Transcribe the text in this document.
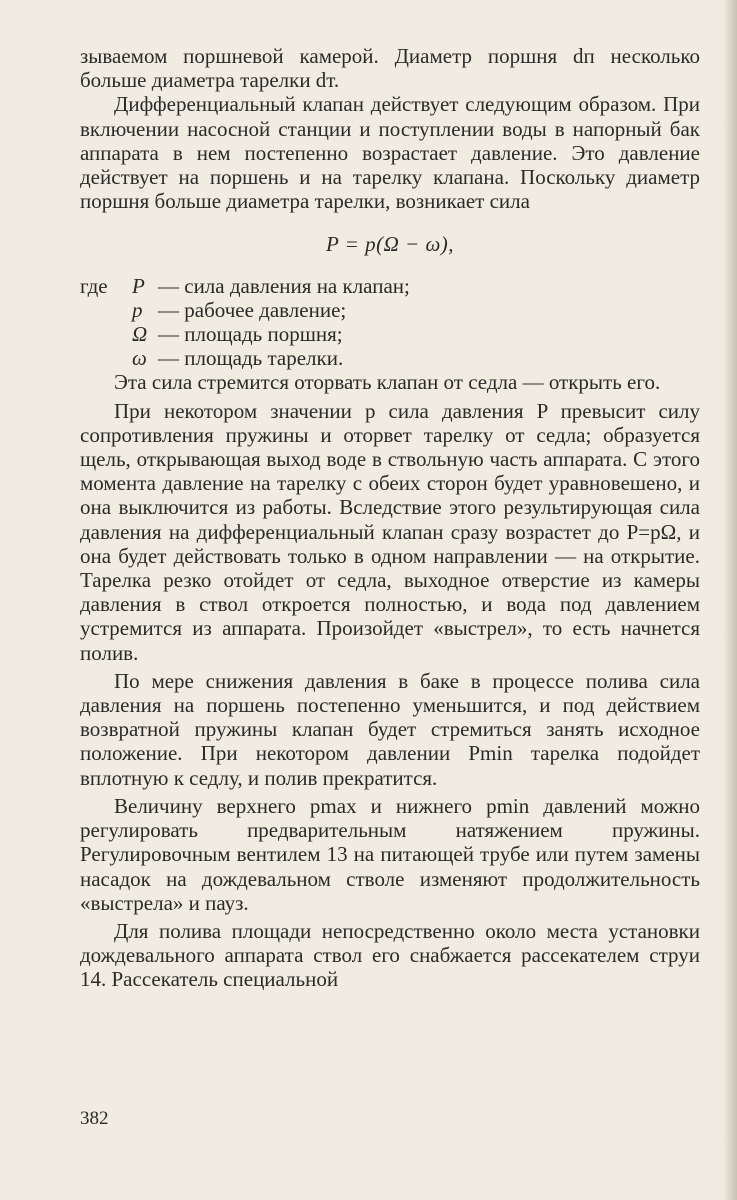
зываемом поршневой камерой. Диаметр поршня dп несколько больше диаметра тарелки dт.

Дифференциальный клапан действует следующим образом. При включении насосной станции и поступлении воды в напорный бак аппарата в нем постепенно возрастает давление. Это давление действует на поршень и на тарелку клапана. Поскольку диаметр поршня больше диаметра тарелки, возникает сила

P = p(Ω − ω),
где	P — сила давления на клапан;
p — рабочее давление;
Ω — площадь поршня;
ω — площадь тарелки.

Эта сила стремится оторвать клапан от седла — открыть его.

При некотором значении p сила давления P превысит силу сопротивления пружины и оторвет тарелку от седла; образуется щель, открывающая выход воде в ствольную часть аппарата. С этого момента давление на тарелку с обеих сторон будет уравновешено, и она выключится из работы. Вследствие этого результирующая сила давления на дифференциальный клапан сразу возрастет до P=pΩ, и она будет действовать только в одном направлении — на открытие. Тарелка резко отойдет от седла, выходное отверстие из камеры давления в ствол откроется полностью, и вода под давлением устремится из аппарата. Произойдет «выстрел», то есть начнется полив.

По мере снижения давления в баке в процессе полива сила давления на поршень постепенно уменьшится, и под действием возвратной пружины клапан будет стремиться занять исходное положение. При некотором давлении Pmin тарелка подойдет вплотную к седлу, и полив прекратится.

Величину верхнего pmax и нижнего pmin давлений можно регулировать предварительным натяжением пружины. Регулировочным вентилем 13 на питающей трубе или путем замены насадок на дождевальном стволе изменяют продолжительность «выстрела» и пауз.

Для полива площади непосредственно около места установки дождевального аппарата ствол его снабжается рассекателем струи 14. Рассекатель специальной

382
